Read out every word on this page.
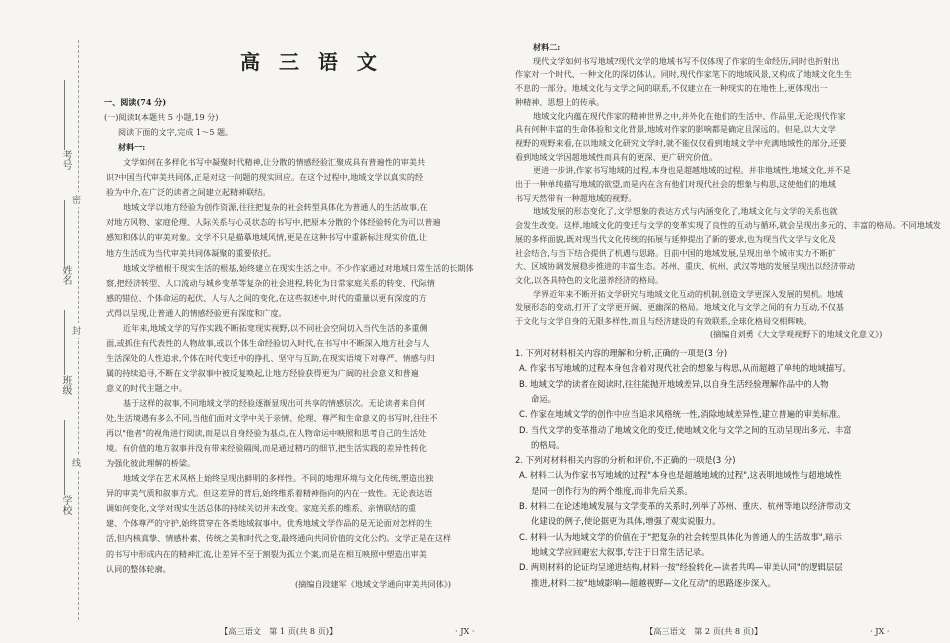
考号
姓名
班级
学校
密
封
线
高 三 语 文
一、阅读(74 分)
(一)阅读Ⅰ(本题共 5 小题,19 分)
阅读下面的文字,完成 1～5 题。
材料一:
文学如何在多样化书写中凝聚时代精神,让分散的情感经验汇聚成具有普遍性的审美共
识?中国当代审美共同体,正是对这一问题的现实回应。在这个过程中,地域文学以真实的经
验为中介,在广泛的读者之间建立起精神联结。
地域文学以地方经验为创作资源,往往把复杂的社会转型具体化为普通人的生活故事,在
对地方风物、家庭伦理、人际关系与心灵状态的书写中,把原本分散的个体经验转化为可以普遍
感知和体认的审美对象。文学不只是描摹地域风情,更是在这种书写中重新标注现实价值,让
地方生活成为当代审美共同体凝聚的重要依托。
地域文学植根于现实生活的根基,始终建立在现实生活之中。不少作家通过对地域日常生活的长期体
察,把经济转型、人口流动与城乡变革等复杂的社会进程,转化为日常家庭关系的转变、代际情
感的错位、个体命运的起伏、人与人之间的变化,在这些叙述中,时代的重量以更有深度的方
式得以呈现,让普通人的情感经验更有深度和广度。
近年来,地域文学的写作实践不断拓宽现实视野,以不同社会空间切入当代生活的多重侧
面,或抓住有代表性的人物故事,或以个体生命经验切入时代,在书写中不断深入地方社会与人
生活深处的人性追求,个体在时代变迁中的挣扎、坚守与互助,在现实语境下对尊严、情感与归
属的持续追寻,不断在文学叙事中被反复唤起,让地方经验获得更为广阔的社会意义和普遍
意义的时代主题之中。
基于这样的叙事,不同地域文学的经验逐渐显现出可共享的情感层次。无论读者来自何
处,生活境遇有多么不同,当他们面对文学中关于亲情、伦理、尊严和生命意义的书写时,往往不
再以"他者"的视角进行阅读,而是以自身经验为基点,在人物命运中映照和思考自己的生活处
境。有价值的地方叙事并没有带来经验隔阂,而是通过精巧的细节,把生活实践的差异性转化
为强化彼此理解的桥梁。
地域文学在艺术风格上始终呈现出鲜明的多样性。不同的地理环境与文化传统,塑造出独
异的审美气质和叙事方式。但这差异的背后,始终维系着精神指向的内在一致性。无论表达语
调如何变化,文学对现实生活总体的持续关切并未改变。家庭关系的维系、亲情联结的重
建、个体尊严的守护,始终贯穿在各类地域叙事中。优秀地域文学作品的是无论面对怎样的生
活,但内核真挚、情感朴素、传统之美和时代之变,最终通向共同价值的文化公约。文学正是在这样
的书写中形成内在的精神汇流,让差异不至于割裂为孤立个案,而是在相互映照中塑造出审美
认同的整体轮廓。
(摘编自段建军《地域文学通向审美共同体》)
【高三语文　第 1 页(共 8 页)】	· JX ·
材料二:
现代文学如何书写地域?现代文学的地域书写不仅体现了作家的生命经历,同时也折射出
作家对一个时代、一种文化的深切体认。同时,现代作家笔下的地域风景,又构成了地域文化生生
不息的一部分。地域文化与文学之间的联系,不仅建立在一种现实的在地性上,更体现出一
种精神、思想上的传承。
地域文化内蕴在现代作家的精神世界之中,并外化在他们的生活中、作品里,无论现代作家
具有何种丰富的生命体验和文化背景,地域对作家的影响都是确定且深远的。但是,以大文学
视野的观野来看,在以地域文化研究文学时,就不能仅仅看到地域文学中充满地域性的部分,还要
看到地域文学因超地域性而具有的更深、更广研究价值。
更进一步讲,作家书写地域的过程,本身也是超越地域的过程。并非地域性,地域文化,并不是
出于一种单纯描写地域的欲望,而是内在含有他们对现代社会的想象与构思,这使他们的地域
书写天然带有一种超地域的视野。
地域发展的形态变化了,文学想象的表达方式与内涵变化了,地域文化与文学的关系也就
会发生改变。这样,地域文化的变迁与文学的变革实现了良性的互动与循环,就会呈现出多元的、丰富的格局。不同地域发
展的多样面貌,既对现当代文化传统的拓展与延伸提出了新的要求,也为现当代文学与文化及
社会结合,与当下结合提供了机遇与思路。目前中国的地域发展,呈现出单个城市实力不断扩
大、区域协调发展稳步推进的丰富生态。苏州、重庆、杭州、武汉等地的发展呈现出以经济带动
文化,以各具特色的文化滋养经济的格局。
学界近年来不断开拓文学研究与地域文化互动的机制,创造文学更深入发展的契机。地域
发展形态的变动,打开了文学更开阔、更幽深的格局。地域文化与文学之间的有力互动,不仅基
于文化与文学自身的无限多样性,而且与经济建设的有效联系,全球化格局交相辉映。
(摘编自刘勇《大文学观视野下的地域文化意义》)
1. 下列对材料相关内容的理解和分析,正确的一项是(3 分)
A. 作家书写地域的过程本身包含着对现代社会的想象与构思,从而超越了单纯的地域描写。
B. 地域文学的读者在阅读时,往往能抛开地域差异,以自身生活经验理解作品中的人物
命运。
C. 作家在地域文学的创作中应当追求风格统一性,消除地域差异性,建立普遍的审美标准。
D. 当代文学的变革推动了地域文化的变迁,使地域文化与文学之间的互动呈现出多元、丰富
的格局。
2. 下列对材料相关内容的分析和评价,不正确的一项是(3 分)
A. 材料二认为作家书写地域的过程"本身也是超越地域的过程",这表明地域性与超地域性
是同一创作行为的两个维度,而非先后关系。
B. 材料二在论述地域发展与文学变革的关系时,列举了苏州、重庆、杭州等地以经济带动文
化建设的例子,使论据更为具体,增强了观实说服力。
C. 材料一认为地域文学的价值在于"把复杂的社会转型具体化为普通人的生活故事",暗示
地域文学应回避宏大叙事,专注于日常生活记录。
D. 两则材料的论证均呈递进结构,材料一按"经验转化—读者共鸣—审美认同"的逻辑层层
推进,材料二按"地域影响—超越视野—文化互动"的思路逐步深入。
【高三语文　第 2 页(共 8 页)】	· JX ·
